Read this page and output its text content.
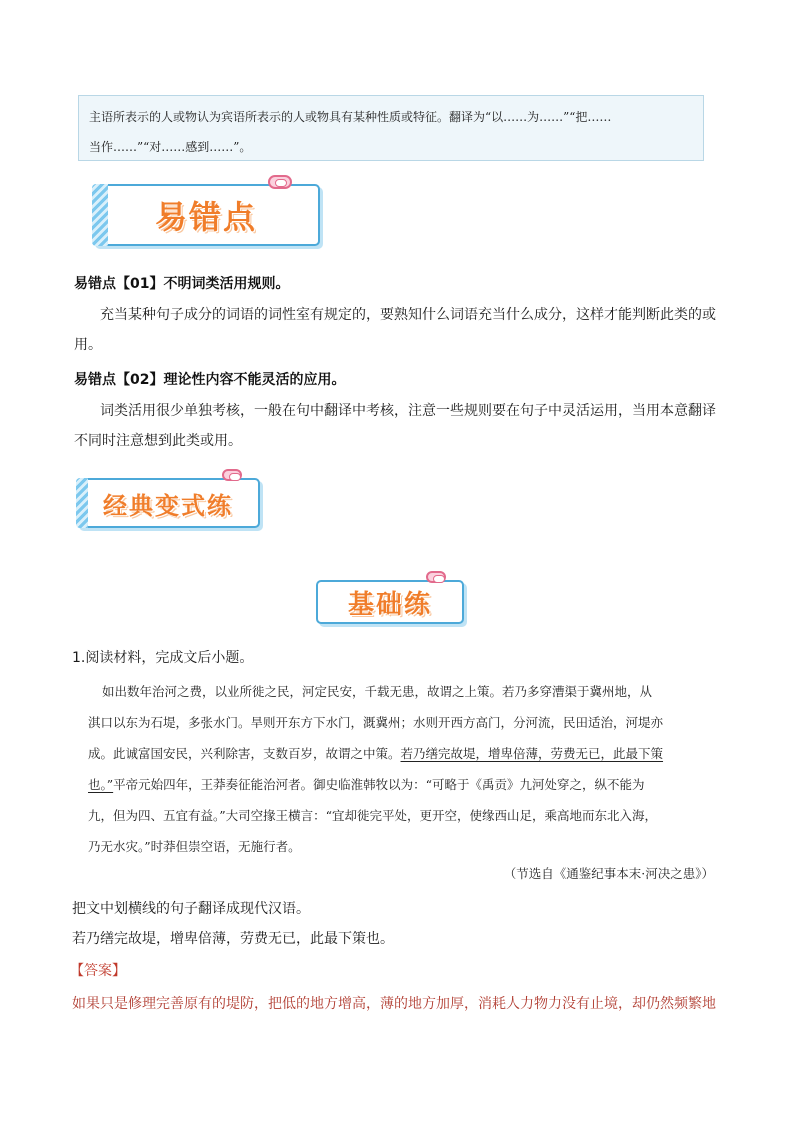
主语所表示的人或物认为宾语所表示的人或物具有某种性质或特征。翻译为“以……为……”“把……
当作……”“对……感到……”。
易错点
易错点【01】不明词类活用规则。
充当某种句子成分的词语的词性室有规定的，要熟知什么词语充当什么成分，这样才能判断此类的或
用。
易错点【02】理论性内容不能灵活的应用。
词类活用很少单独考核，一般在句中翻译中考核，注意一些规则要在句子中灵活运用，当用本意翻译
不同时注意想到此类或用。
经典变式练
基础练
1.阅读材料，完成文后小题。
如出数年治河之费，以业所徙之民，河定民安，千载无患，故谓之上策。若乃多穿漕渠于冀州地，从
淇口以东为石堤，多张水门。旱则开东方下水门，溉冀州；水则开西方高门，分河流，民田适治，河堤亦
成。此诚富国安民，兴利除害，支数百岁，故谓之中策。若乃缮完故堤，增卑倍薄，劳费无已，此最下策
也。”平帝元始四年，王莽奏征能治河者。御史临淮韩牧以为：“可略于《禹贡》九河处穿之，纵不能为
九，但为四、五宜有益。”大司空掾王横言：“宜却徙完平处，更开空，使缘西山足，乘高地而东北入海，
乃无水灾。”时莽但崇空语，无施行者。
（节选自《通鉴纪事本末·河决之患》）
把文中划横线的句子翻译成现代汉语。
若乃缮完故堤，增卑倍薄，劳费无已，此最下策也。
【答案】
如果只是修理完善原有的堤防，把低的地方增高，薄的地方加厚，消耗人力物力没有止境，却仍然频繁地
